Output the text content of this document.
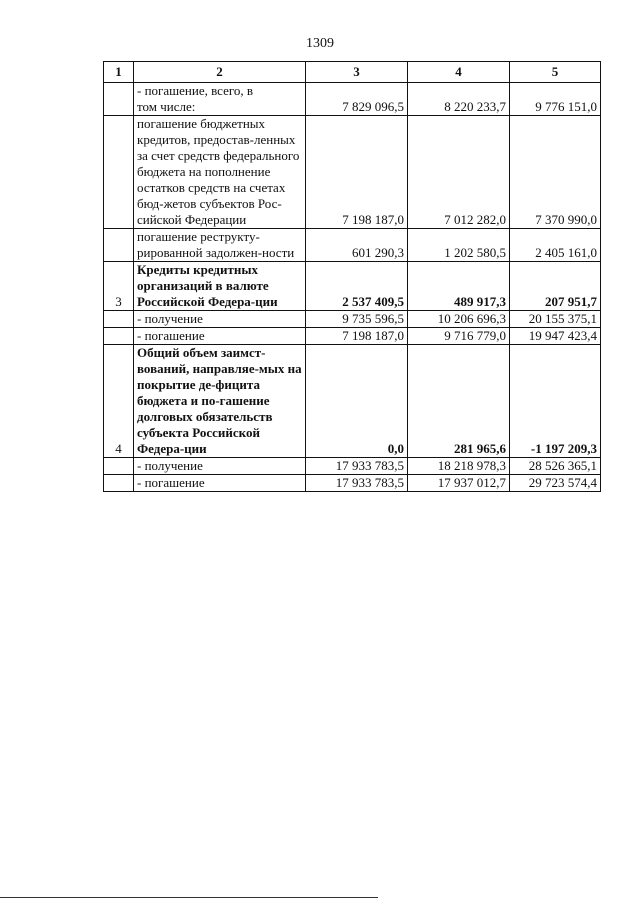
1309
1	2	3	4	5
	- погашение, всего, в том числе:	7 829 096,5	8 220 233,7	9 776 151,0
	погашение бюджетных кредитов, предостав-ленных за счет средств федерального бюджета на пополнение остатков средств на счетах бюд-жетов субъектов Рос-сийской Федерации	7 198 187,0	7 012 282,0	7 370 990,0
	погашение реструкту-рированной задолжен-ности	601 290,3	1 202 580,5	2 405 161,0
3	Кредиты кредитных организаций в валюте Российской Федера-ции	2 537 409,5	489 917,3	207 951,7
	- получение	9 735 596,5	10 206 696,3	20 155 375,1
	- погашение	7 198 187,0	9 716 779,0	19 947 423,4
4	Общий объем заимст-вований, направляе-мых на покрытие де-фицита бюджета и по-гашение долговых обязательств субъекта Российской Федера-ции	0,0	281 965,6	-1 197 209,3
	- получение	17 933 783,5	18 218 978,3	28 526 365,1
	- погашение	17 933 783,5	17 937 012,7	29 723 574,4
